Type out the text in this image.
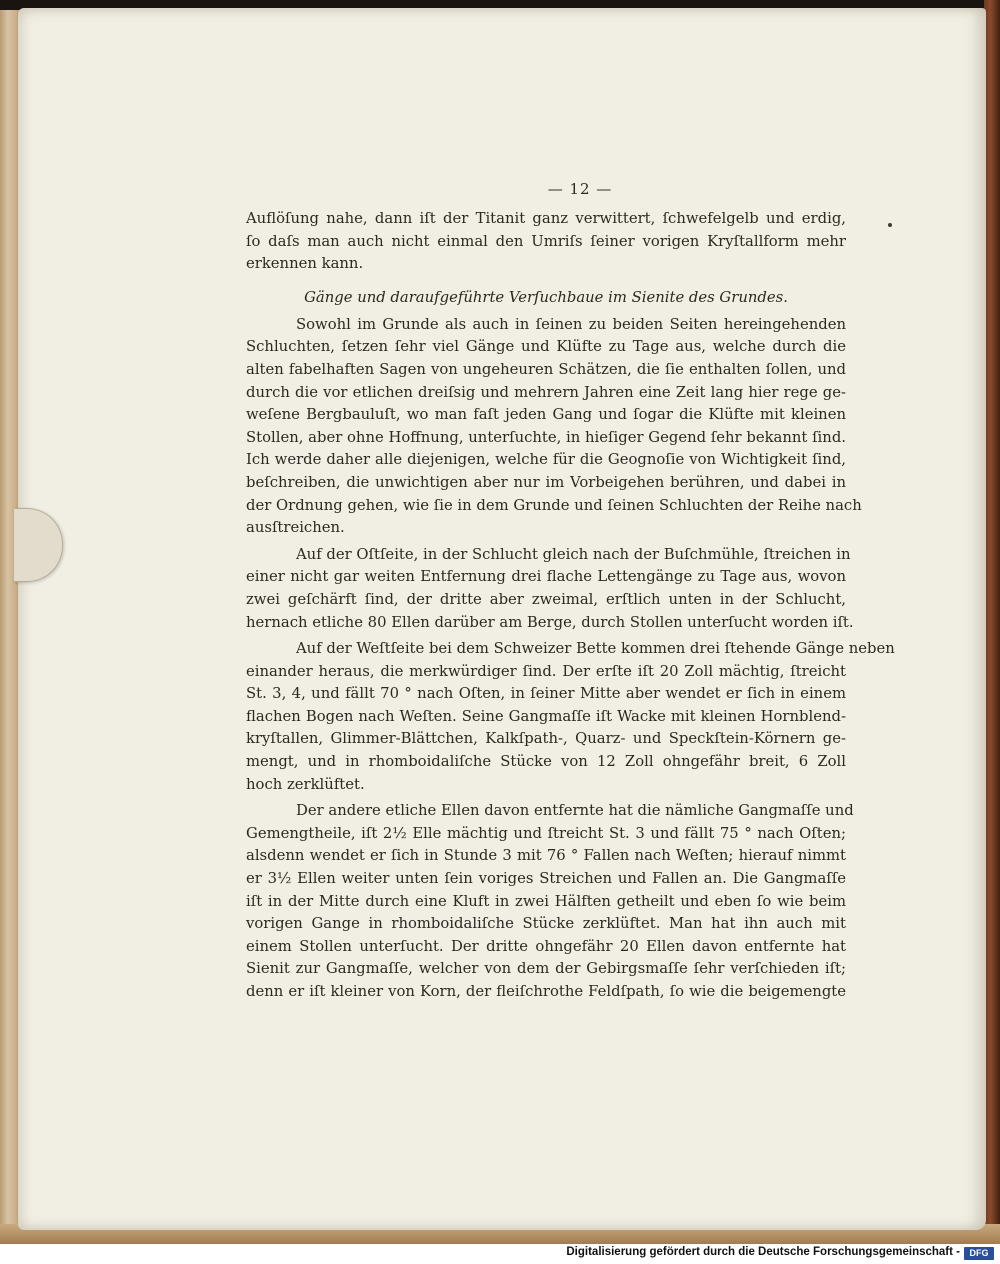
— 12 —
Auflöſung nahe, dann iſt der Titanit ganz verwittert, ſchwefelgelb und erdig,
ſo daſs man auch nicht einmal den Umriſs ſeiner vorigen Kryſtallform mehr
erkennen kann.
Gänge und daraufgeführte Verſuchbaue im Sienite des Grundes.
Sowohl im Grunde als auch in ſeinen zu beiden Seiten hereingehenden
Schluchten, ſetzen ſehr viel Gänge und Klüfte zu Tage aus, welche durch die
alten fabelhaften Sagen von ungeheuren Schätzen, die ſie enthalten ſollen, und
durch die vor etlichen dreiſsig und mehrern Jahren eine Zeit lang hier rege ge-
weſene Bergbauluſt, wo man faſt jeden Gang und ſogar die Klüfte mit kleinen
Stollen, aber ohne Hoffnung, unterſuchte, in hieſiger Gegend ſehr bekannt ſind.
Ich werde daher alle diejenigen, welche für die Geognoſie von Wichtigkeit ſind,
beſchreiben, die unwichtigen aber nur im Vorbeigehen berühren, und dabei in
der Ordnung gehen, wie ſie in dem Grunde und ſeinen Schluchten der Reihe nach
ausſtreichen.
Auf der Oſtſeite, in der Schlucht gleich nach der Buſchmühle, ſtreichen in
einer nicht gar weiten Entfernung drei flache Lettengänge zu Tage aus, wovon
zwei geſchärft ſind, der dritte aber zweimal, erſtlich unten in der Schlucht,
hernach etliche 80 Ellen darüber am Berge, durch Stollen unterſucht worden iſt.
Auf der Weſtſeite bei dem Schweizer Bette kommen drei ſtehende Gänge neben
einander heraus, die merkwürdiger ſind. Der erſte iſt 20 Zoll mächtig, ſtreicht
St. 3, 4, und fällt 70 ° nach Oſten, in ſeiner Mitte aber wendet er ſich in einem
flachen Bogen nach Weſten. Seine Gangmaſſe iſt Wacke mit kleinen Hornblend-
kryſtallen, Glimmer-Blättchen, Kalkſpath-, Quarz- und Speckſtein-Körnern ge-
mengt, und in rhomboidaliſche Stücke von 12 Zoll ohngefähr breit, 6 Zoll
hoch zerklüftet.
Der andere etliche Ellen davon entfernte hat die nämliche Gangmaſſe und
Gemengtheile, iſt 2½ Elle mächtig und ſtreicht St. 3 und fällt 75 ° nach Oſten;
alsdenn wendet er ſich in Stunde 3 mit 76 ° Fallen nach Weſten; hierauf nimmt
er 3½ Ellen weiter unten ſein voriges Streichen und Fallen an. Die Gangmaſſe
iſt in der Mitte durch eine Kluft in zwei Hälften getheilt und eben ſo wie beim
vorigen Gange in rhomboidaliſche Stücke zerklüftet. Man hat ihn auch mit
einem Stollen unterſucht. Der dritte ohngefähr 20 Ellen davon entfernte hat
Sienit zur Gangmaſſe, welcher von dem der Gebirgsmaſſe ſehr verſchieden iſt;
denn er iſt kleiner von Korn, der fleiſchrothe Feldſpath, ſo wie die beigemengte
Digitalisierung gefördert durch die Deutsche Forschungsgemeinschaft -	DFG
